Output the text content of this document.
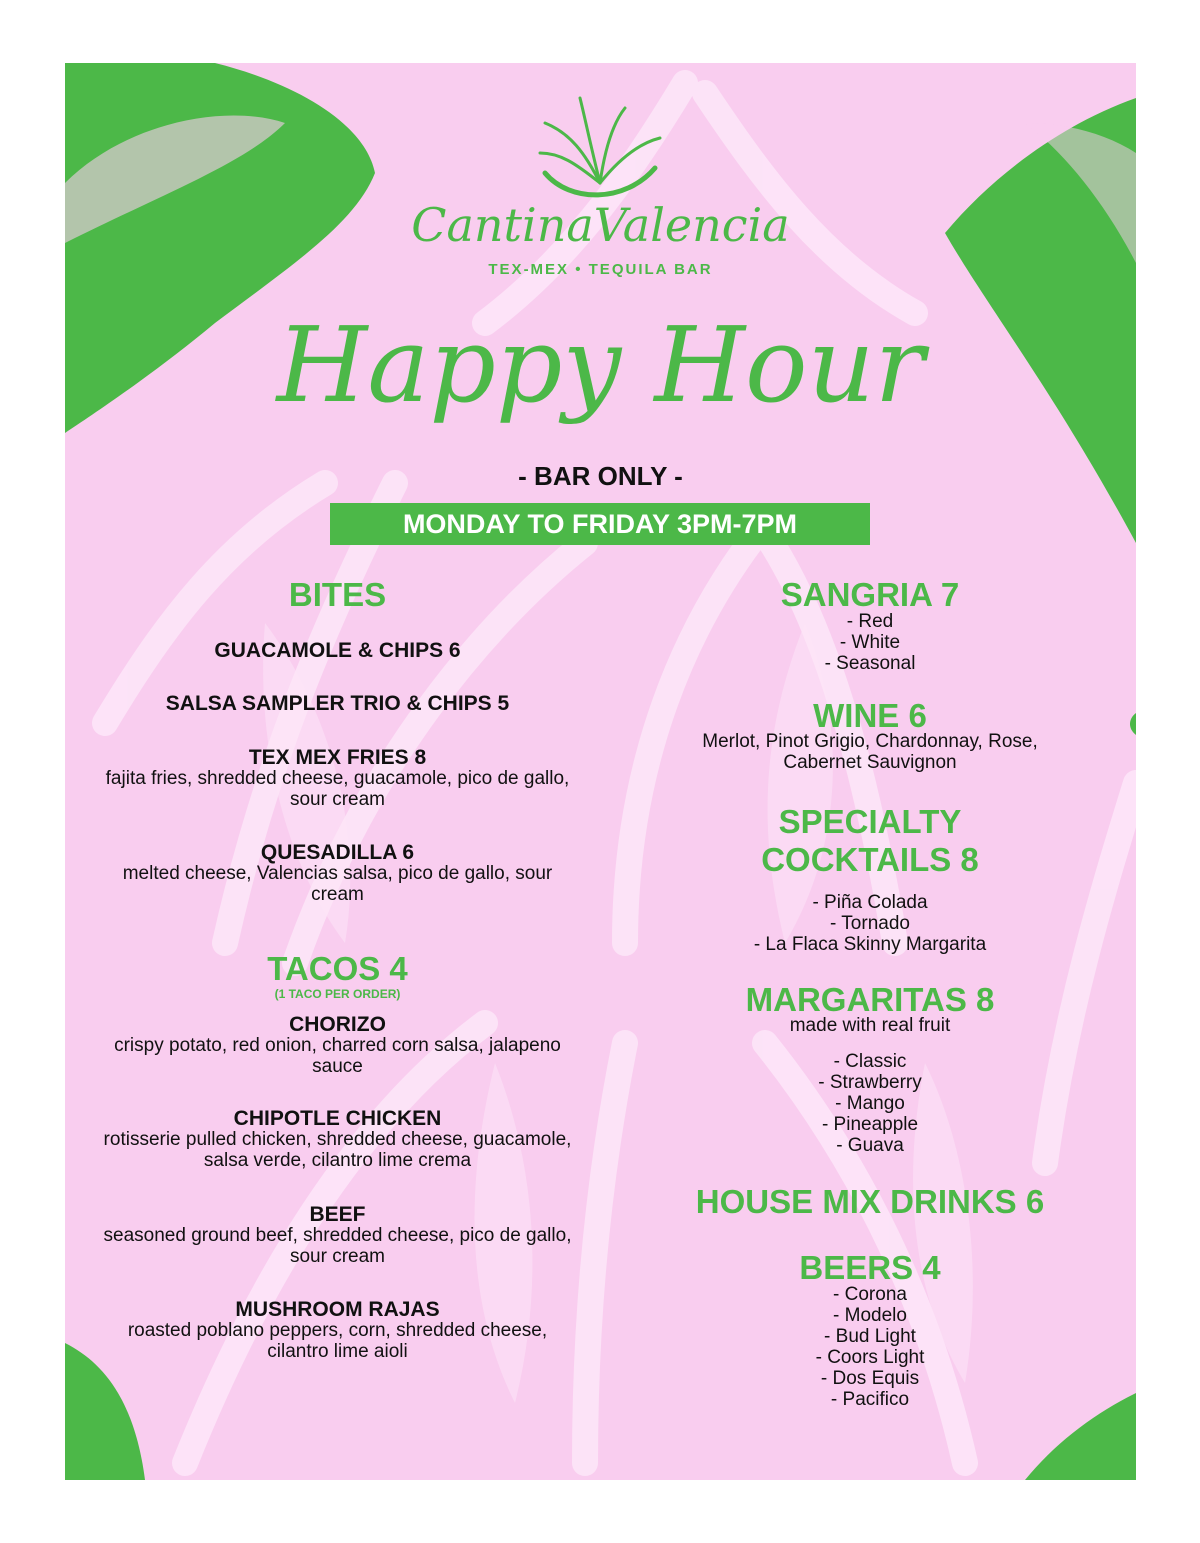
CantinaValencia
TEX-MEX • TEQUILA BAR
Happy Hour
- BAR ONLY -
MONDAY TO FRIDAY 3PM-7PM
BITES
GUACAMOLE & CHIPS 6
SALSA SAMPLER TRIO & CHIPS 5
TEX MEX FRIES 8
fajita fries, shredded cheese, guacamole, pico de gallo, sour cream
QUESADILLA 6
melted cheese, Valencias salsa, pico de gallo, sour cream
TACOS 4
(1 TACO PER ORDER)
CHORIZO
crispy potato, red onion, charred corn salsa, jalapeno sauce
CHIPOTLE CHICKEN
rotisserie pulled chicken, shredded cheese, guacamole, salsa verde, cilantro lime crema
BEEF
seasoned ground beef, shredded cheese, pico de gallo, sour cream
MUSHROOM RAJAS
roasted poblano peppers, corn, shredded cheese, cilantro lime aioli
SANGRIA 7
- Red
- White
- Seasonal
WINE 6
Merlot, Pinot Grigio, Chardonnay, Rose, Cabernet Sauvignon
SPECIALTY
COCKTAILS 8
- Piña Colada
- Tornado
- La Flaca Skinny Margarita
MARGARITAS 8
made with real fruit
- Classic
- Strawberry
- Mango
- Pineapple
- Guava
HOUSE MIX DRINKS 6
BEERS 4
- Corona
- Modelo
- Bud Light
- Coors Light
- Dos Equis
- Pacifico
